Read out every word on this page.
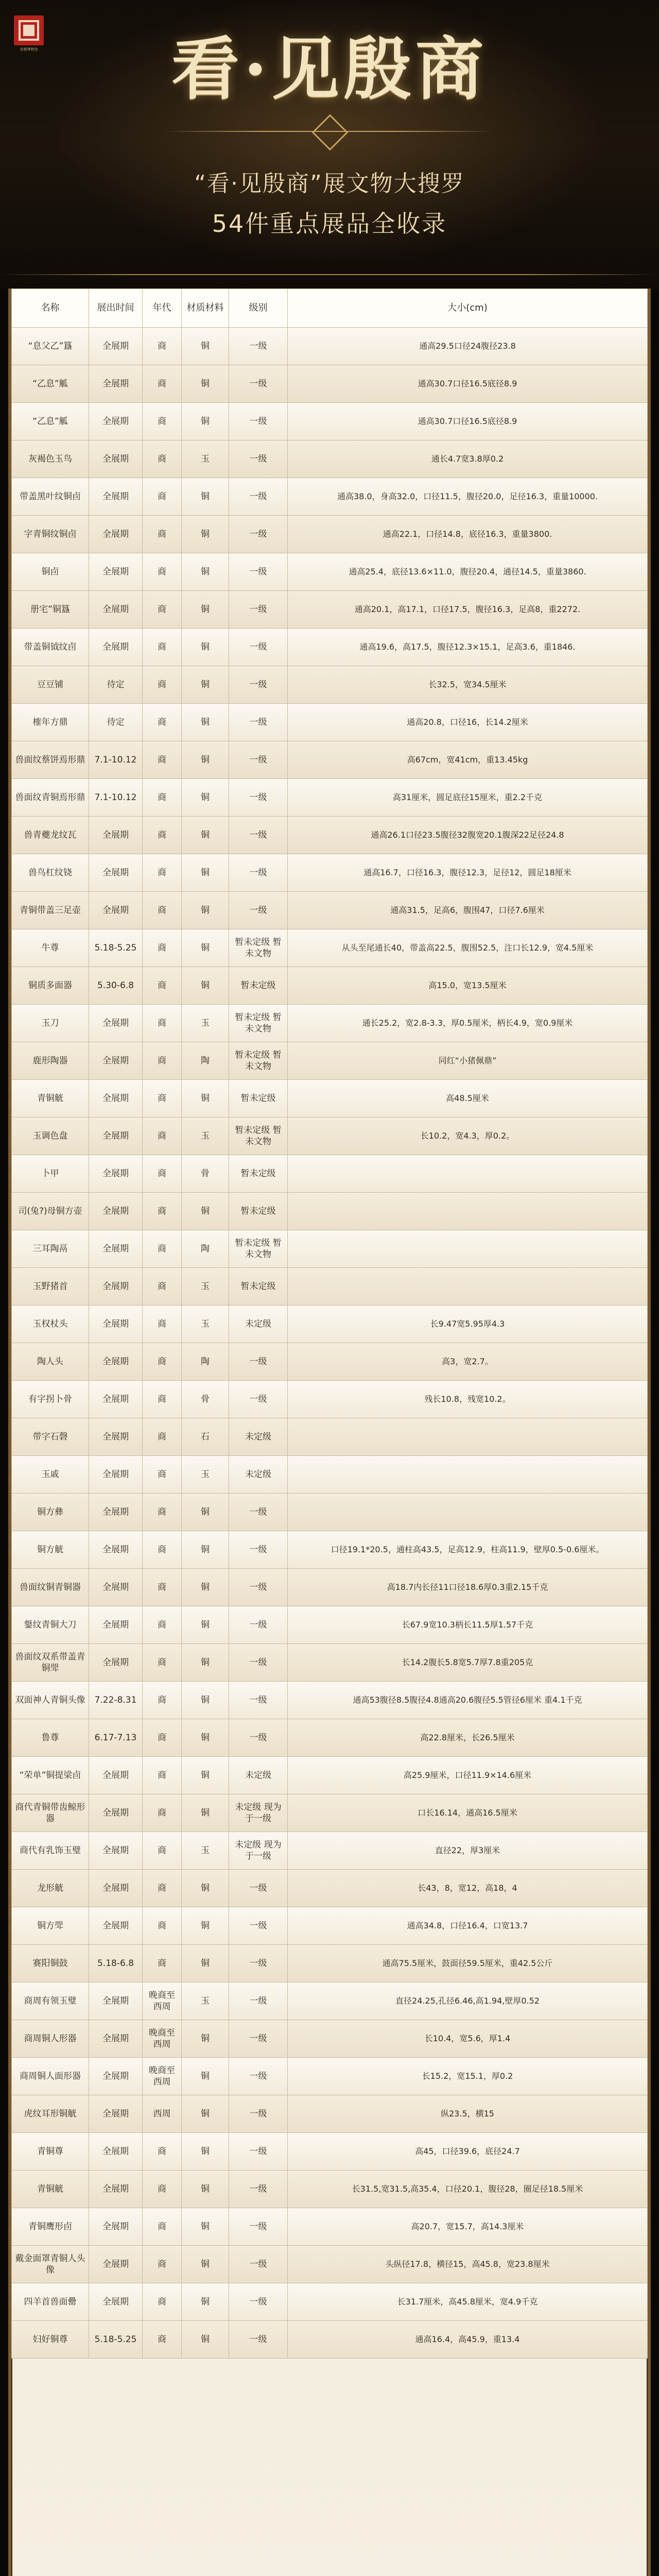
首都博物馆	看·见殷商
“看·见殷商”展文物大搜罗
54件重点展品全收录
名称	展出时间	年代	材质材料	级别	大小(cm)
“息父乙”簋	全展期	商	铜	一级	通高29.5口径24腹径23.8
“乙息”觚	全展期	商	铜	一级	通高30.7口径16.5底径8.9
“乙息”觚	全展期	商	铜	一级	通高30.7口径16.5底径8.9
灰褐色玉鸟	全展期	商	玉	一级	通长4.7宽3.8厚0.2
带盖黑叶纹铜卣	全展期	商	铜	一级	通高38.0，身高32.0，口径11.5，腹径20.0，足径16.3，重量10000.
字青铜纹铜卣	全展期	商	铜	一级	通高22.1，口径14.8，底径16.3，重量3800.
铜卣	全展期	商	铜	一级	通高25.4，底径13.6×11.0，腹径20.4，通径14.5，重量3860.
册宅”铜簋	全展期	商	铜	一级	通高20.1，高17.1，口径17.5，腹径16.3，足高8，重2272.
带盖铜钺纹卣	全展期	商	铜	一级	通高19.6，高17.5，腹径12.3×15.1，足高3.6，重1846.
豆豆铺	待定	商	铜	一级	长32.5，宽34.5厘米
榷年方鼎	待定	商	铜	一级	通高20.8，口径16，长14.2厘米
兽面纹蔡饼焉形鼎	7.1-10.12	商	铜	一级	高67cm，宽41cm，重13.45kg
兽面纹青铜焉形鼎	7.1-10.12	商	铜	一级	高31厘米，圆足底径15厘米，重2.2千克
兽青夔龙纹瓦	全展期	商	铜	一级	通高26.1口径23.5腹径32腹宽20.1腹深22足径24.8
兽鸟杠纹铙	全展期	商	铜	一级	通高16.7，口径16.3，腹径12.3，足径12，圆足18厘米
青铜带盖三足壶	全展期	商	铜	一级	通高31.5，足高6，腹围47，口径7.6厘米
牛尊	5.18-5.25	商	铜	暂未定级 暂未文物	从头至尾通长40，带盖高22.5，腹围52.5，注口长12.9，宽4.5厘米
铜质多面器	5.30-6.8	商	铜	暂未定级	高15.0，宽13.5厘米
玉刀	全展期	商	玉	暂未定级 暂未文物	通长25.2，宽2.8-3.3，厚0.5厘米，柄长4.9，宽0.9厘米
鹿形陶器	全展期	商	陶	暂未定级 暂未文物	同红“小猪佩鼎”
青铜觥	全展期	商	铜	暂未定级	高48.5厘米
玉调色盘	全展期	商	玉	暂未定级 暂未文物	长10.2，宽4.3，厚0.2。
卜甲	全展期	商	骨	暂未定级	
司(兔?)母铜方壶	全展期	商	铜	暂未定级	
三耳陶鬲	全展期	商	陶	暂未定级 暂未文物	
玉野猪首	全展期	商	玉	暂未定级	
玉权杖头	全展期	商	玉	未定级	长9.47宽5.95厚4.3
陶人头	全展期	商	陶	一级	高3，宽2.7。
有字拐卜骨	全展期	商	骨	一级	残长10.8，残宽10.2。
带字石磬	全展期	商	石	未定级	
玉戚	全展期	商	玉	未定级	
铜方彝	全展期	商	铜	一级	
铜方觥	全展期	商	铜	一级	口径19.1*20.5，通柱高43.5，足高12.9，柱高11.9，壁厚0.5-0.6厘米。
兽面纹铜青铜器	全展期	商	铜	一级	高18.7内长径11口径18.6厚0.3重2.15千克
鋬纹青铜大刀	全展期	商	铜	一级	长67.9宽10.3柄长11.5厚1.57千克
兽面纹双系带盖青铜斝	全展期	商	铜	一级	长14.2腹长5.8宽5.7厚7.8重205克
双面神人青铜头像	7.22-8.31	商	铜	一级	通高53腹径8.5腹径4.8通高20.6腹径5.5管径6厘米 重4.1千克
鲁尊	6.17-7.13	商	铜	一级	高22.8厘米，长26.5厘米
“荣单”铜提梁卣	全展期	商	铜	未定级	高25.9厘米，口径11.9×14.6厘米
商代青铜带齿鲸形器	全展期	商	铜	未定级 现为于一级	口长16.14，通高16.5厘米
商代有乳饰玉璧	全展期	商	玉	未定级 现为于一级	直径22，厚3厘米
龙形觥	全展期	商	铜	一级	长43，8，宽12，高18，4
铜方斝	全展期	商	铜	一级	通高34.8，口径16.4，口宽13.7
赛阳铜鼓	5.18-6.8	商	铜	一级	通高75.5厘米，鼓面径59.5厘米，重42.5公斤
商周有领玉璧	全展期	晚商至西周	玉	一级	直径24.25,孔径6.46,高1.94,壁厚0.52
商周铜人形器	全展期	晚商至西周	铜	一级	长10.4，宽5.6，厚1.4
商周铜人面形器	全展期	晚商至西周	铜	一级	长15.2，宽15.1，厚0.2
虎纹耳形铜觥	全展期	西周	铜	一级	纵23.5，横15
青铜尊	全展期	商	铜	一级	高45，口径39.6，底径24.7
青铜觥	全展期	商	铜	一级	长31.5,宽31.5,高35.4，口径20.1，腹径28，圈足径18.5厘米
青铜鹰形卣	全展期	商	铜	一级	高20.7，宽15.7，高14.3厘米
戴金面罩青铜人头像	全展期	商	铜	一级	头纵径17.8，横径15，高45.8，宽23.8厘米
四羊首兽面罍	全展期	商	铜	一级	长31.7厘米，高45.8厘米，宽4.9千克
妇好铜尊	5.18-5.25	商	铜	一级	通高16.4，高45.9，重13.4
